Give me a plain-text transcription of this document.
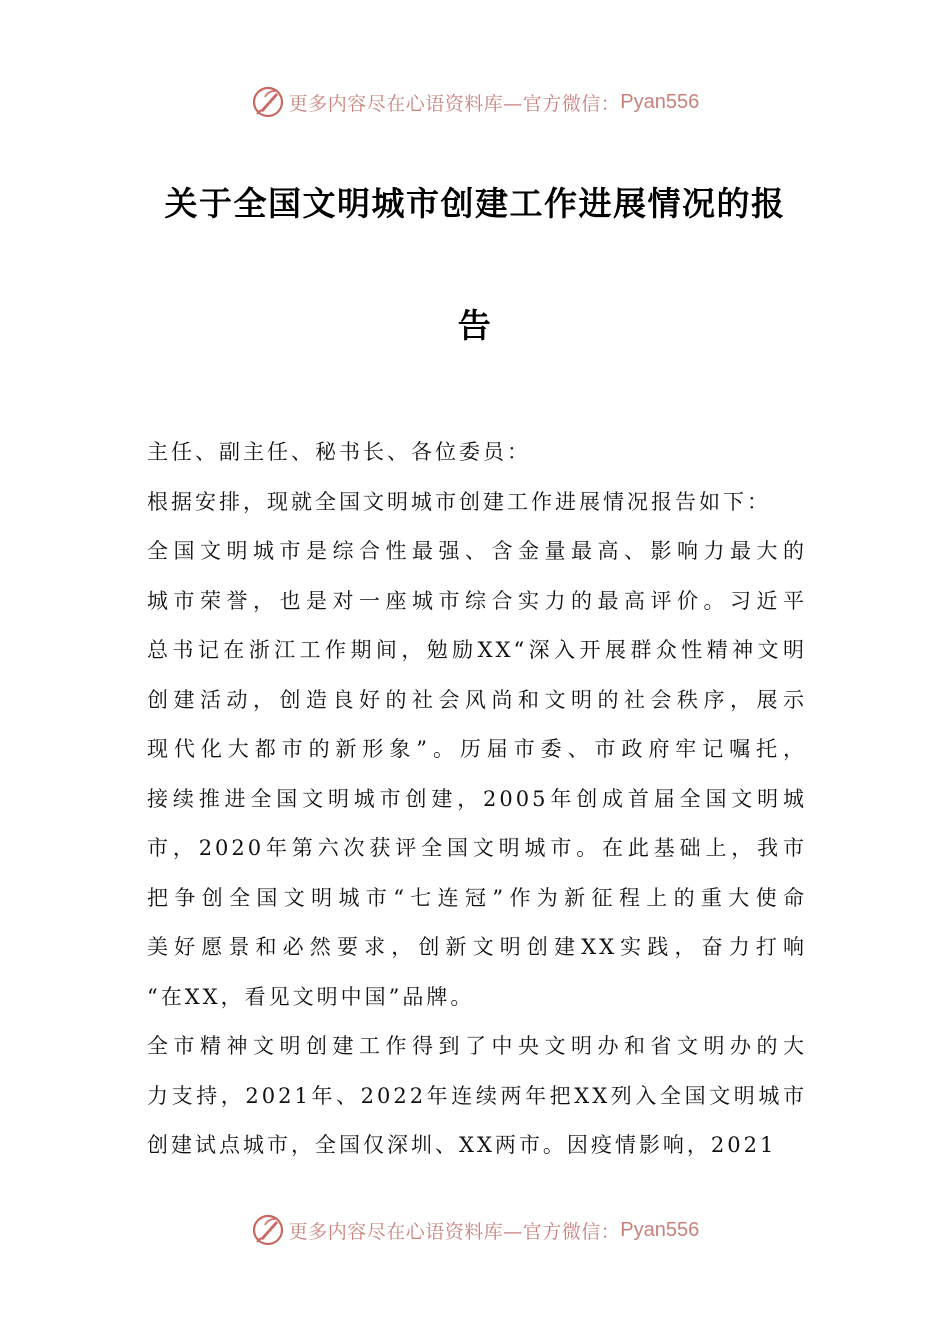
更多内容尽在心语资料库—官方微信： Pyan556
关于全国文明城市创建工作进展情况的报
告
主任、副主任、秘书长、各位委员：
根据安排，现就全国文明城市创建工作进展情况报告如下：
全国文明城市是综合性最强、含金量最高、影响力最大的
城市荣誉，也是对一座城市综合实力的最高评价。习近平
总书记在浙江工作期间，勉励XX“深入开展群众性精神文明
创建活动，创造良好的社会风尚和文明的社会秩序，展示
现代化大都市的新形象”。历届市委、市政府牢记嘱托，
接续推进全国文明城市创建，2005年创成首届全国文明城
市，2020年第六次获评全国文明城市。在此基础上，我市
把争创全国文明城市“七连冠”作为新征程上的重大使命
美好愿景和必然要求，创新文明创建XX实践，奋力打响
“在XX，看见文明中国”品牌。
全市精神文明创建工作得到了中央文明办和省文明办的大
力支持，2021年、2022年连续两年把XX列入全国文明城市
创建试点城市，全国仅深圳、XX两市。因疫情影响，2021
更多内容尽在心语资料库—官方微信： Pyan556
